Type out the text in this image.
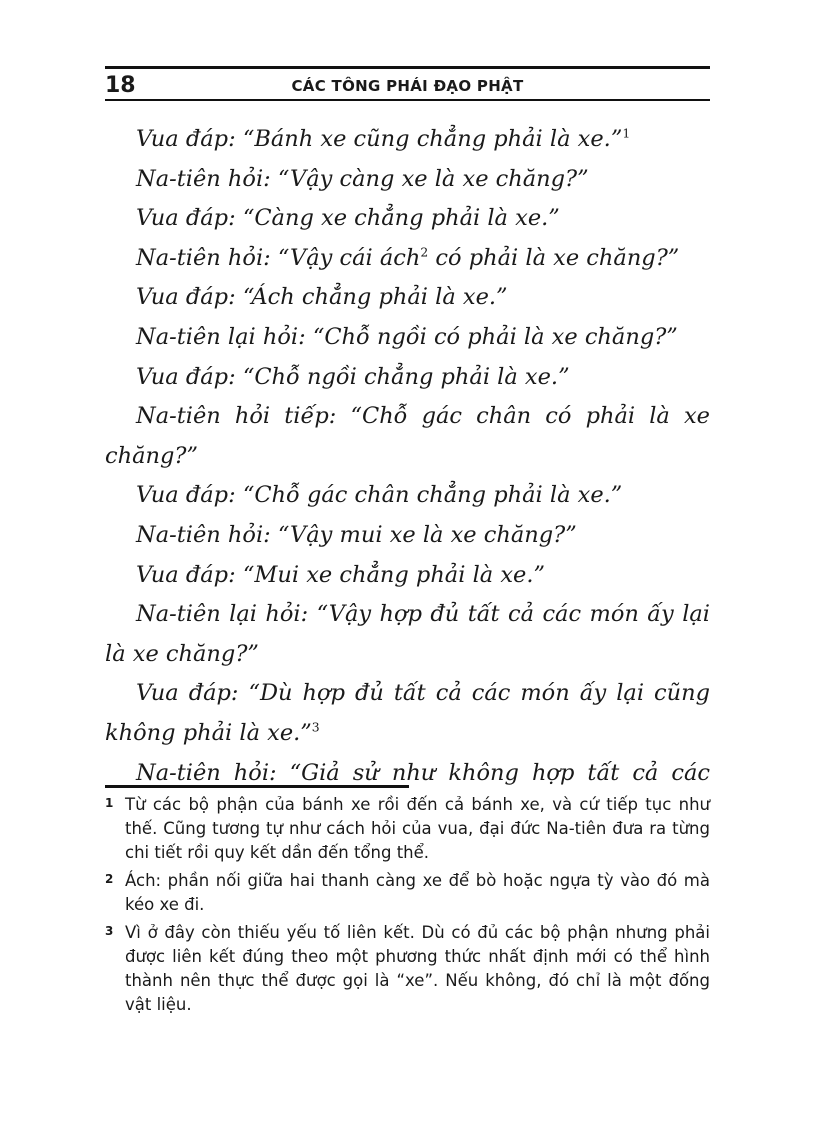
18	CÁC TÔNG PHÁI ĐẠO PHẬT

Vua đáp: “Bánh xe cũng chẳng phải là xe.”$^1$

Na-tiên hỏi: “Vậy càng xe là xe chăng?”

Vua đáp: “Càng xe chẳng phải là xe.”

Na-tiên hỏi: “Vậy cái ách$^2$ có phải là xe chăng?”

Vua đáp: “Ách chẳng phải là xe.”

Na-tiên lại hỏi: “Chỗ ngồi có phải là xe chăng?”

Vua đáp: “Chỗ ngồi chẳng phải là xe.”

Na-tiên hỏi tiếp: “Chỗ gác chân có phải là xe chăng?”

Vua đáp: “Chỗ gác chân chẳng phải là xe.”

Na-tiên hỏi: “Vậy mui xe là xe chăng?”

Vua đáp: “Mui xe chẳng phải là xe.”

Na-tiên lại hỏi: “Vậy hợp đủ tất cả các món ấy lại là xe chăng?”

Vua đáp: “Dù hợp đủ tất cả các món ấy lại cũng không phải là xe.”$^3$

Na-tiên hỏi: “Giả sử như không hợp tất cả các

1 Từ các bộ phận của bánh xe rồi đến cả bánh xe, và cứ tiếp tục như thế. Cũng tương tự như cách hỏi của vua, đại đức Na-tiên đưa ra từng chi tiết rồi quy kết dần đến tổng thể.

2 Ách: phần nối giữa hai thanh càng xe để bò hoặc ngựa tỳ vào đó mà kéo xe đi.

3 Vì ở đây còn thiếu yếu tố liên kết. Dù có đủ các bộ phận nhưng phải được liên kết đúng theo một phương thức nhất định mới có thể hình thành nên thực thể được gọi là “xe”. Nếu không, đó chỉ là một đống vật liệu.
